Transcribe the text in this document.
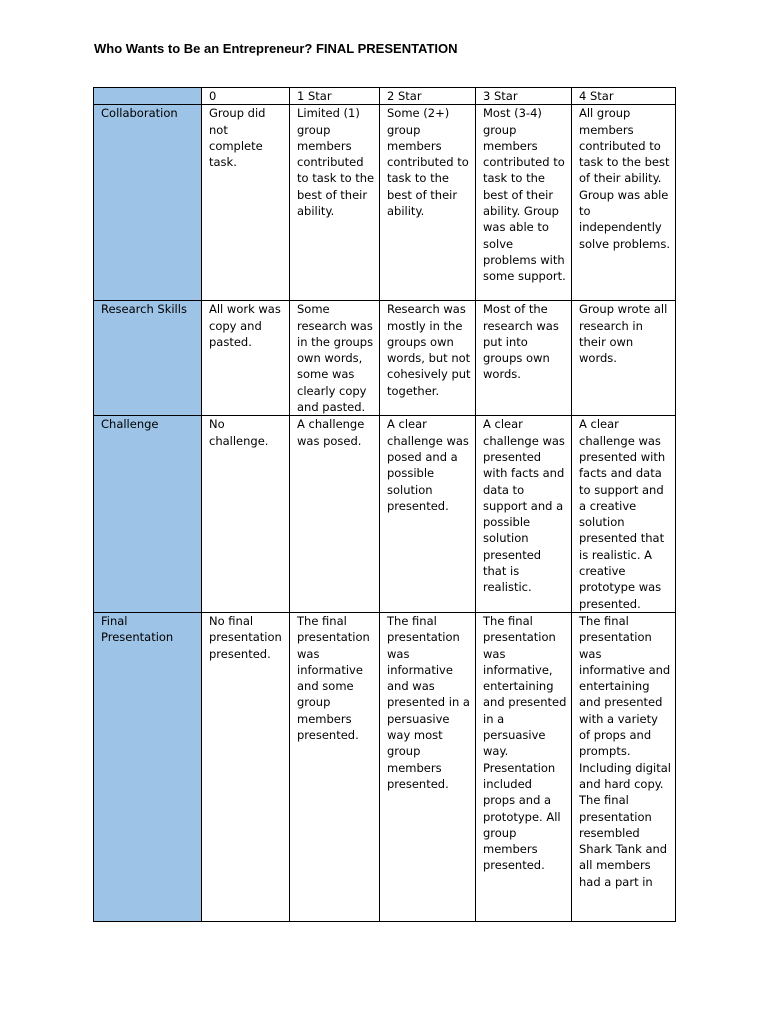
Who Wants to Be an Entrepreneur? FINAL PRESENTATION
	0	1 Star	2 Star	3 Star	4 Star
Collaboration	Group did not complete task.	Limited (1) group members contributed to task to the best of their ability.	Some (2+) group members contributed to task to the best of their ability.	Most (3-4) group members contributed to task to the best of their ability. Group was able to solve problems with some support.	All group members contributed to task to the best of their ability. Group was able to independently solve problems.
Research Skills	All work was copy and pasted.	Some research was in the groups own words, some was clearly copy and pasted.	Research was mostly in the groups own words, but not cohesively put together.	Most of the research was put into groups own words.	Group wrote all research in their own words.
Challenge	No challenge.	A challenge was posed.	A clear challenge was posed and a possible solution presented.	A clear challenge was presented with facts and data to support and a possible solution presented that is realistic.	A clear challenge was presented with facts and data to support and a creative solution presented that is realistic. A creative prototype was presented.
Final Presentation	No final presentation presented.	The final presentation was informative and some group members presented.	The final presentation was informative and was presented in a persuasive way most group members presented.	The final presentation was informative, entertaining and presented in a persuasive way. Presentation included props and a prototype. All group members presented.	The final presentation was informative and entertaining and presented with a variety of props and prompts. Including digital and hard copy. The final presentation resembled Shark Tank and all members had a part in
